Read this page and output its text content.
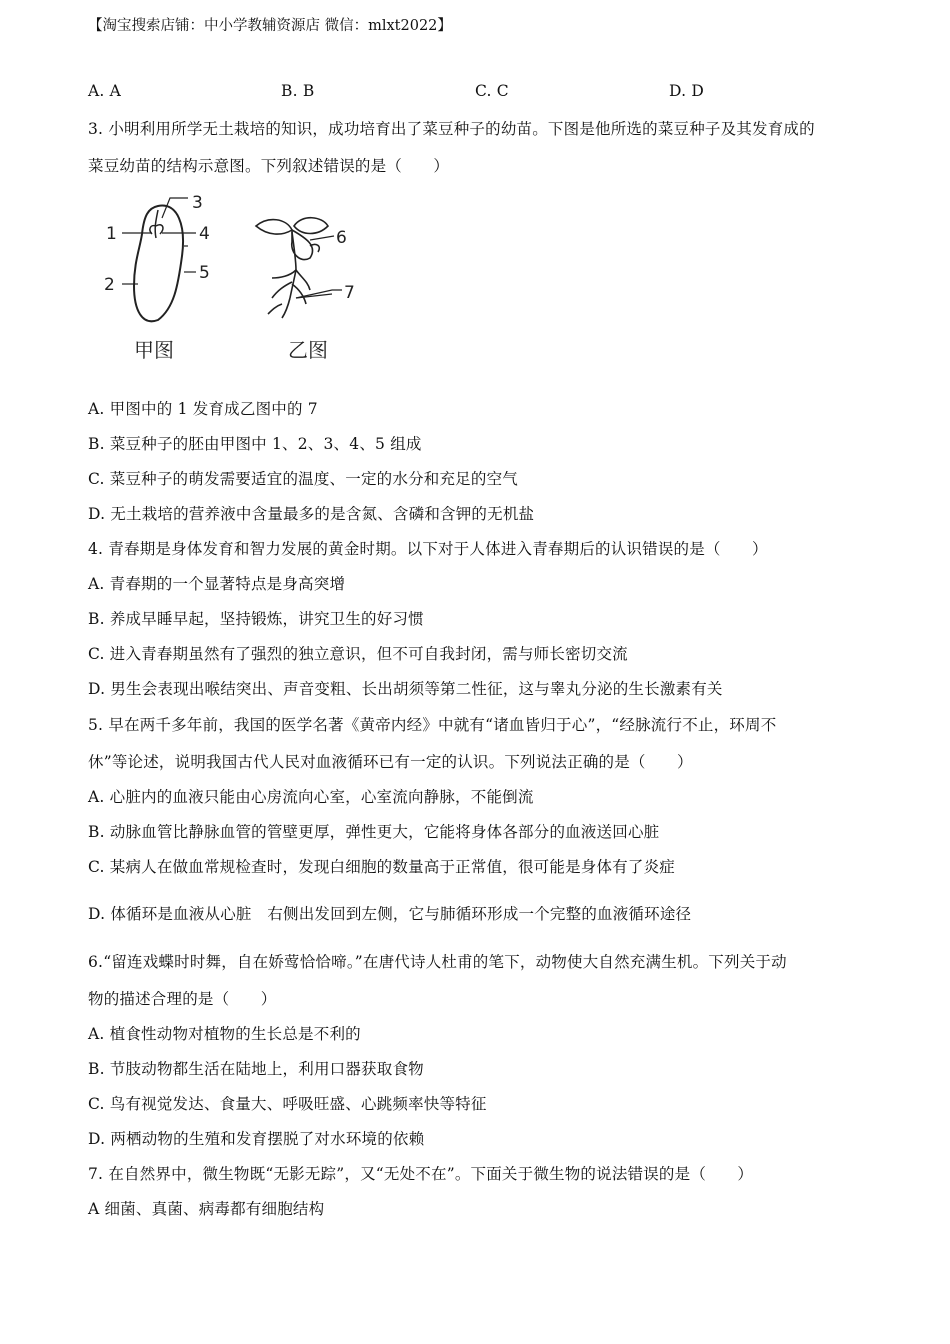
【淘宝搜索店铺：中小学教辅资源店 微信：mlxt2022】
A. A	B. B	C. C	D. D
3. 小明利用所学无土栽培的知识，成功培育出了菜豆种子的幼苗。下图是他所选的菜豆种子及其发育成的
菜豆幼苗的结构示意图。下列叙述错误的是（　　）
1
2
3
4
5
6
7
甲图	乙图
A. 甲图中的 1 发育成乙图中的 7
B. 菜豆种子的胚由甲图中 1、2、3、4、5 组成
C. 菜豆种子的萌发需要适宜的温度、一定的水分和充足的空气
D. 无土栽培的营养液中含量最多的是含氮、含磷和含钾的无机盐
4. 青春期是身体发育和智力发展的黄金时期。以下对于人体进入青春期后的认识错误的是（　　）
A. 青春期的一个显著特点是身高突增
B. 养成早睡早起，坚持锻炼，讲究卫生的好习惯
C. 进入青春期虽然有了强烈的独立意识，但不可自我封闭，需与师长密切交流
D. 男生会表现出喉结突出、声音变粗、长出胡须等第二性征，这与睾丸分泌的生长激素有关
5. 早在两千多年前，我国的医学名著《黄帝内经》中就有“诸血皆归于心”，“经脉流行不止，环周不
休”等论述，说明我国古代人民对血液循环已有一定的认识。下列说法正确的是（　　）
A. 心脏内的血液只能由心房流向心室，心室流向静脉，不能倒流
B. 动脉血管比静脉血管的管壁更厚，弹性更大，它能将身体各部分的血液送回心脏
C. 某病人在做血常规检查时，发现白细胞的数量高于正常值，很可能是身体有了炎症
D. 体循环是血液从心脏　右侧出发回到左侧，它与肺循环形成一个完整的血液循环途径
6.“留连戏蝶时时舞，自在娇莺恰恰啼。”在唐代诗人杜甫的笔下，动物使大自然充满生机。下列关于动
物的描述合理的是（　　）
A. 植食性动物对植物的生长总是不利的
B. 节肢动物都生活在陆地上，利用口器获取食物
C. 鸟有视觉发达、食量大、呼吸旺盛、心跳频率快等特征
D. 两栖动物的生殖和发育摆脱了对水环境的依赖
7. 在自然界中，微生物既“无影无踪”，又“无处不在”。下面关于微生物的说法错误的是（　　）
A 细菌、真菌、病毒都有细胞结构
